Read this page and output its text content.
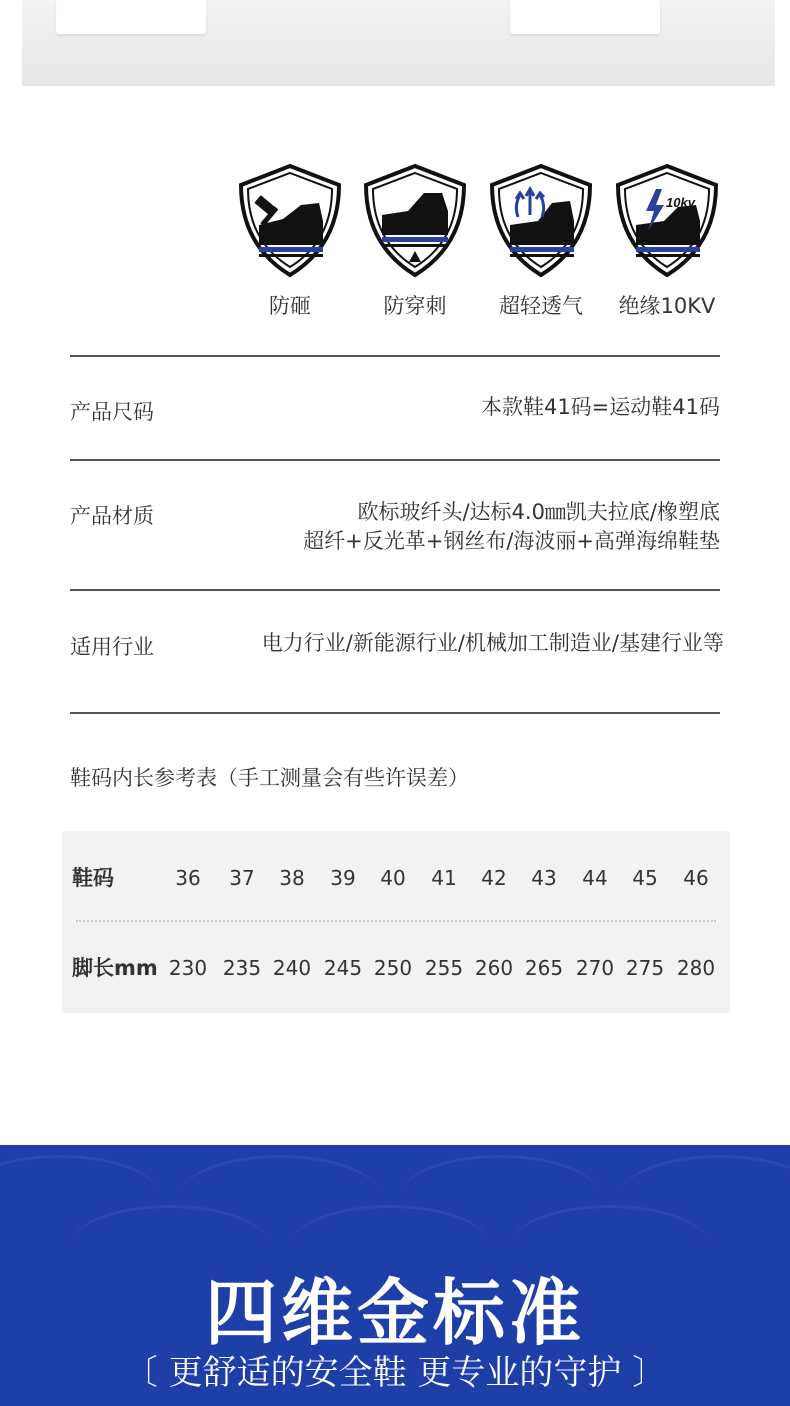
防砸	防穿刺	超轻透气
10kv
绝缘10KV
产品尺码	本款鞋41码=运动鞋41码
产品材质	欧标玻纤头/达标4.0㎜凯夫拉底/橡塑底
超纤+反光革+钢丝布/海波丽+高弹海绵鞋垫
适用行业	电力行业/新能源行业/机械加工制造业/基建行业等
鞋码内长参考表（手工测量会有些许误差）
鞋码	36	37	38	39	40	41	42	43	44	45	46
脚长mm 230 235 240 245 250 255 260 265 270 275 280
四维金标准
〔 更舒适的安全鞋 更专业的守护 〕
